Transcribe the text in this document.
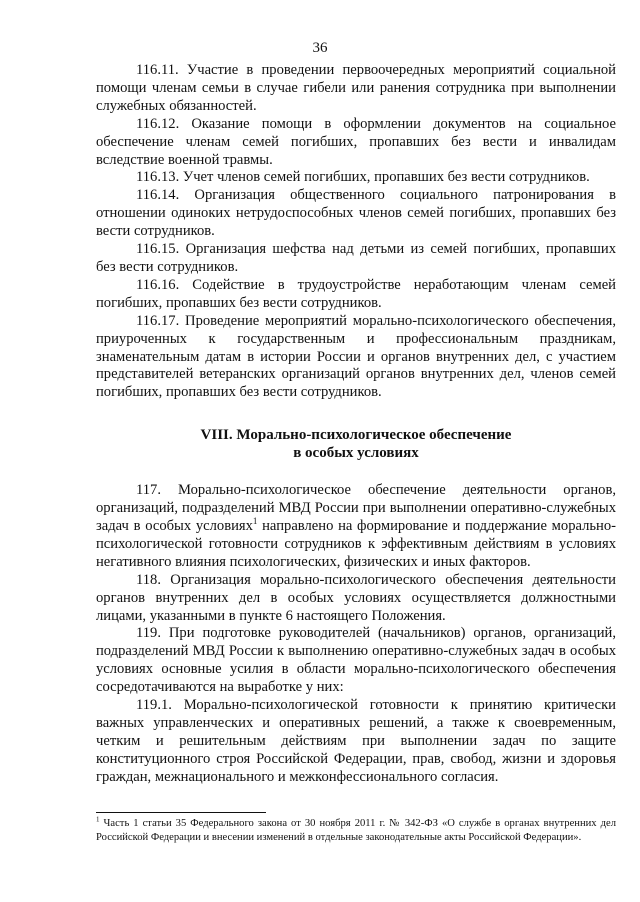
36

116.11. Участие в проведении первоочередных мероприятий социальной помощи членам семьи в случае гибели или ранения сотрудника при выполнении служебных обязанностей.

116.12. Оказание помощи в оформлении документов на социальное обеспечение членам семей погибших, пропавших без вести и инвалидам вследствие военной травмы.

116.13. Учет членов семей погибших, пропавших без вести сотрудников.

116.14. Организация общественного социального патронирования в отношении одиноких нетрудоспособных членов семей погибших, пропавших без вести сотрудников.

116.15. Организация шефства над детьми из семей погибших, пропавших без вести сотрудников.

116.16. Содействие в трудоустройстве неработающим членам семей погибших, пропавших без вести сотрудников.

116.17. Проведение мероприятий морально-психологического обеспечения, приуроченных к государственным и профессиональным праздникам, знаменательным датам в истории России и органов внутренних дел, с участием представителей ветеранских организаций органов внутренних дел, членов семей погибших, пропавших без вести сотрудников.

VIII. Морально-психологическое обеспечение
в особых условиях

117. Морально-психологическое обеспечение деятельности органов, организаций, подразделений МВД России при выполнении оперативно-служебных задач в особых условиях$^1$ направлено на формирование и поддержание морально-психологической готовности сотрудников к эффективным действиям в условиях негативного влияния психологических, физических и иных факторов.

118. Организация морально-психологического обеспечения деятельности органов внутренних дел в особых условиях осуществляется должностными лицами, указанными в пункте 6 настоящего Положения.

119. При подготовке руководителей (начальников) органов, организаций, подразделений МВД России к выполнению оперативно-служебных задач в особых условиях основные усилия в области морально-психологического обеспечения сосредотачиваются на выработке у них:

119.1. Морально-психологической готовности к принятию критически важных управленческих и оперативных решений, а также к своевременным, четким и решительным действиям при выполнении задач по защите конституционного строя Российской Федерации, прав, свобод, жизни и здоровья граждан, межнационального и межконфессионального согласия.

$^1$ Часть 1 статьи 35 Федерального закона от 30 ноября 2011 г. № 342-ФЗ «О службе в органах внутренних дел Российской Федерации и внесении изменений в отдельные законодательные акты Российской Федерации».
